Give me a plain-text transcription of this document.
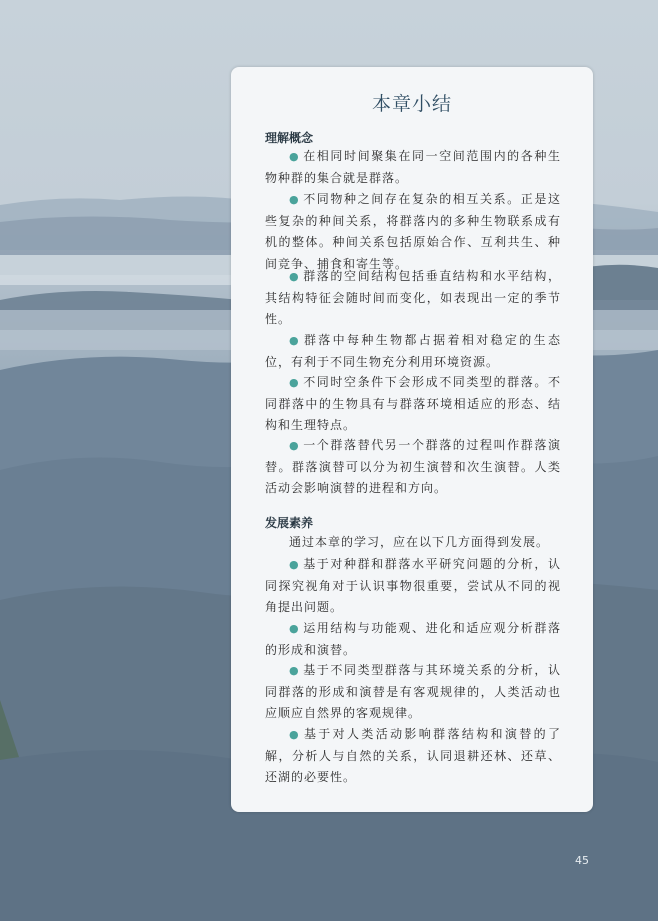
本章小结
理解概念
● 在相同时间聚集在同一空间范围内的各种生物种群的集合就是群落。
● 不同物种之间存在复杂的相互关系。正是这些复杂的种间关系，将群落内的多种生物联系成有机的整体。种间关系包括原始合作、互利共生、种间竞争、捕食和寄生等。
● 群落的空间结构包括垂直结构和水平结构，其结构特征会随时间而变化，如表现出一定的季节性。
● 群落中每种生物都占据着相对稳定的生态位，有利于不同生物充分利用环境资源。
● 不同时空条件下会形成不同类型的群落。不同群落中的生物具有与群落环境相适应的形态、结构和生理特点。
● 一个群落替代另一个群落的过程叫作群落演替。群落演替可以分为初生演替和次生演替。人类活动会影响演替的进程和方向。
发展素养
通过本章的学习，应在以下几方面得到发展。
● 基于对种群和群落水平研究问题的分析，认同探究视角对于认识事物很重要，尝试从不同的视角提出问题。
● 运用结构与功能观、进化和适应观分析群落的形成和演替。
● 基于不同类型群落与其环境关系的分析，认同群落的形成和演替是有客观规律的，人类活动也应顺应自然界的客观规律。
● 基于对人类活动影响群落结构和演替的了解，分析人与自然的关系，认同退耕还林、还草、还湖的必要性。
45
